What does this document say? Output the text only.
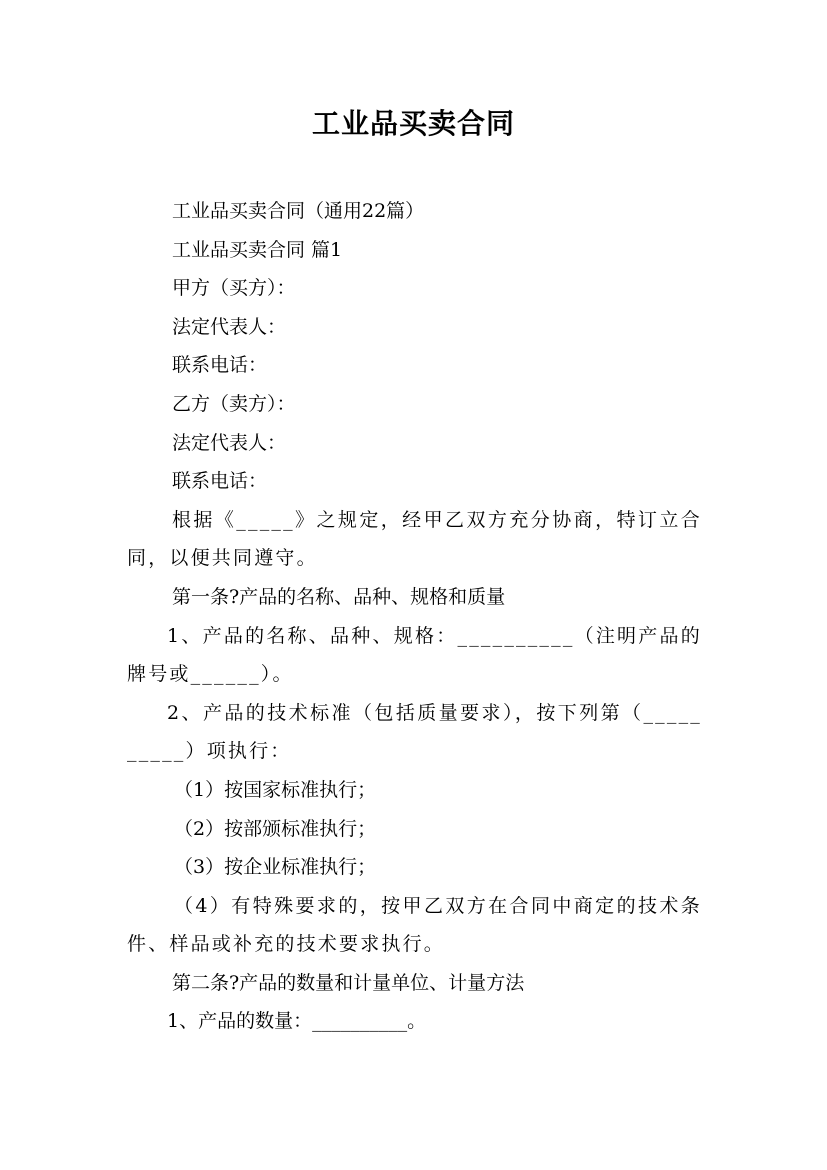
工业品买卖合同

工业品买卖合同（通用22篇）

工业品买卖合同 篇1

甲方（买方）：

法定代表人：

联系电话：

乙方（卖方）：

法定代表人：

联系电话：

根据《_____》之规定，经甲乙双方充分协商，特订立合同，以便共同遵守。

第一条?产品的名称、品种、规格和质量

1、产品的名称、品种、规格：__________（注明产品的牌号或______）。

2、产品的技术标准（包括质量要求），按下列第（__________）项执行：

（1）按国家标准执行；

（2）按部颁标准执行；

（3）按企业标准执行；

（4）有特殊要求的，按甲乙双方在合同中商定的技术条件、样品或补充的技术要求执行。

第二条?产品的数量和计量单位、计量方法

1、产品的数量：__________。
